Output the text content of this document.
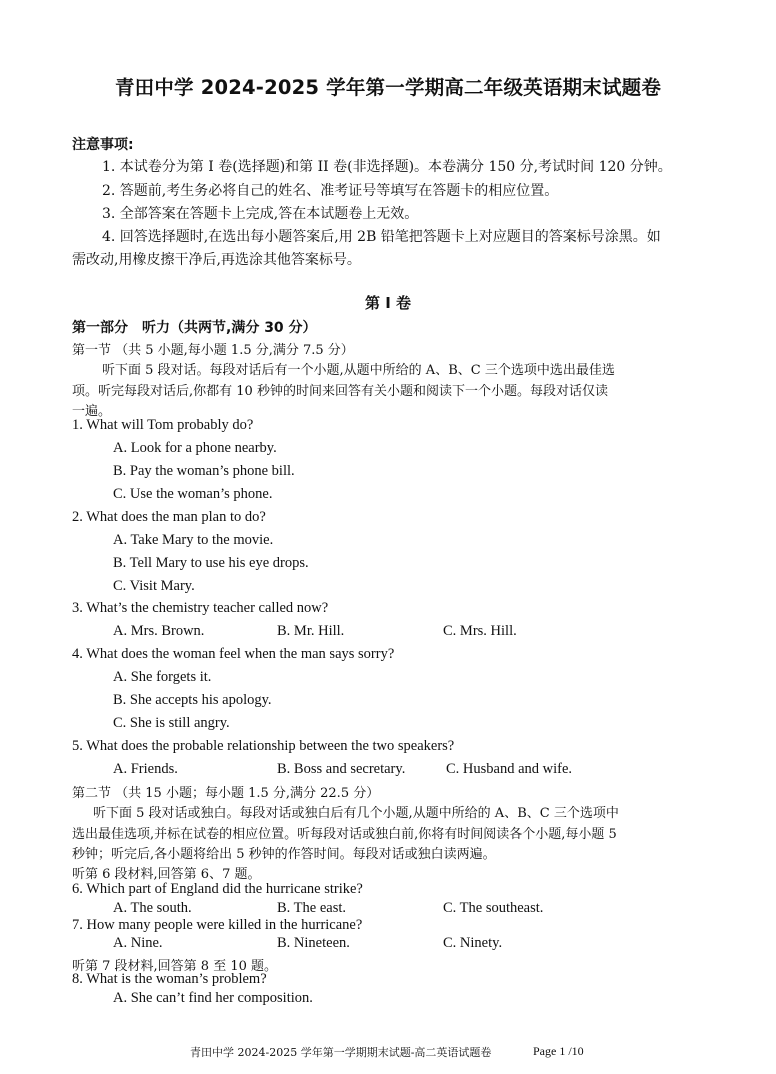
青田中学 2024-2025 学年第一学期高二年级英语期末试题卷
注意事项:
1. 本试卷分为第 I 卷(选择题)和第 II 卷(非选择题)。本卷满分 150 分,考试时间 120 分钟。
2. 答题前,考生务必将自己的姓名、准考证号等填写在答题卡的相应位置。
3. 全部答案在答题卡上完成,答在本试题卷上无效。
4. 回答选择题时,在选出每小题答案后,用 2B 铅笔把答题卡上对应题目的答案标号涂黑。如
需改动,用橡皮擦干净后,再选涂其他答案标号。
第 I 卷
第一部分　听力（共两节,满分 30 分）
第一节 （共 5 小题,每小题 1.5 分,满分 7.5 分）
听下面 5 段对话。每段对话后有一个小题,从题中所给的 A、B、C 三个选项中选出最佳选
项。听完每段对话后,你都有 10 秒钟的时间来回答有关小题和阅读下一个小题。每段对话仅读
一遍。
1. What will Tom probably do?
A. Look for a phone nearby.
B. Pay the woman’s phone bill.
C. Use the woman’s phone.
2. What does the man plan to do?
A. Take Mary to the movie.
B. Tell Mary to use his eye drops.
C. Visit Mary.
3. What’s the chemistry teacher called now?
A. Mrs. Brown.	B. Mr. Hill.	C. Mrs. Hill.
4. What does the woman feel when the man says sorry?
A. She forgets it.
B. She accepts his apology.
C. She is still angry.
5. What does the probable relationship between the two speakers?
A. Friends.	B. Boss and secretary.	C. Husband and wife.
第二节 （共 15 小题；每小题 1.5 分,满分 22.5 分）
听下面 5 段对话或独白。每段对话或独白后有几个小题,从题中所给的 A、B、C 三个选项中
选出最佳选项,并标在试卷的相应位置。听每段对话或独白前,你将有时间阅读各个小题,每小题 5
秒钟；听完后,各小题将给出 5 秒钟的作答时间。每段对话或独白读两遍。
听第 6 段材料,回答第 6、7 题。
6. Which part of England did the hurricane strike?
A. The south.	B. The east.	C. The southeast.
7. How many people were killed in the hurricane?
A. Nine.	B. Nineteen.	C. Ninety.
听第 7 段材料,回答第 8 至 10 题。
8. What is the woman’s problem?
A. She can’t find her composition.
青田中学 2024-2025 学年第一学期期末试题-高二英语试题卷	Page 1 /10
